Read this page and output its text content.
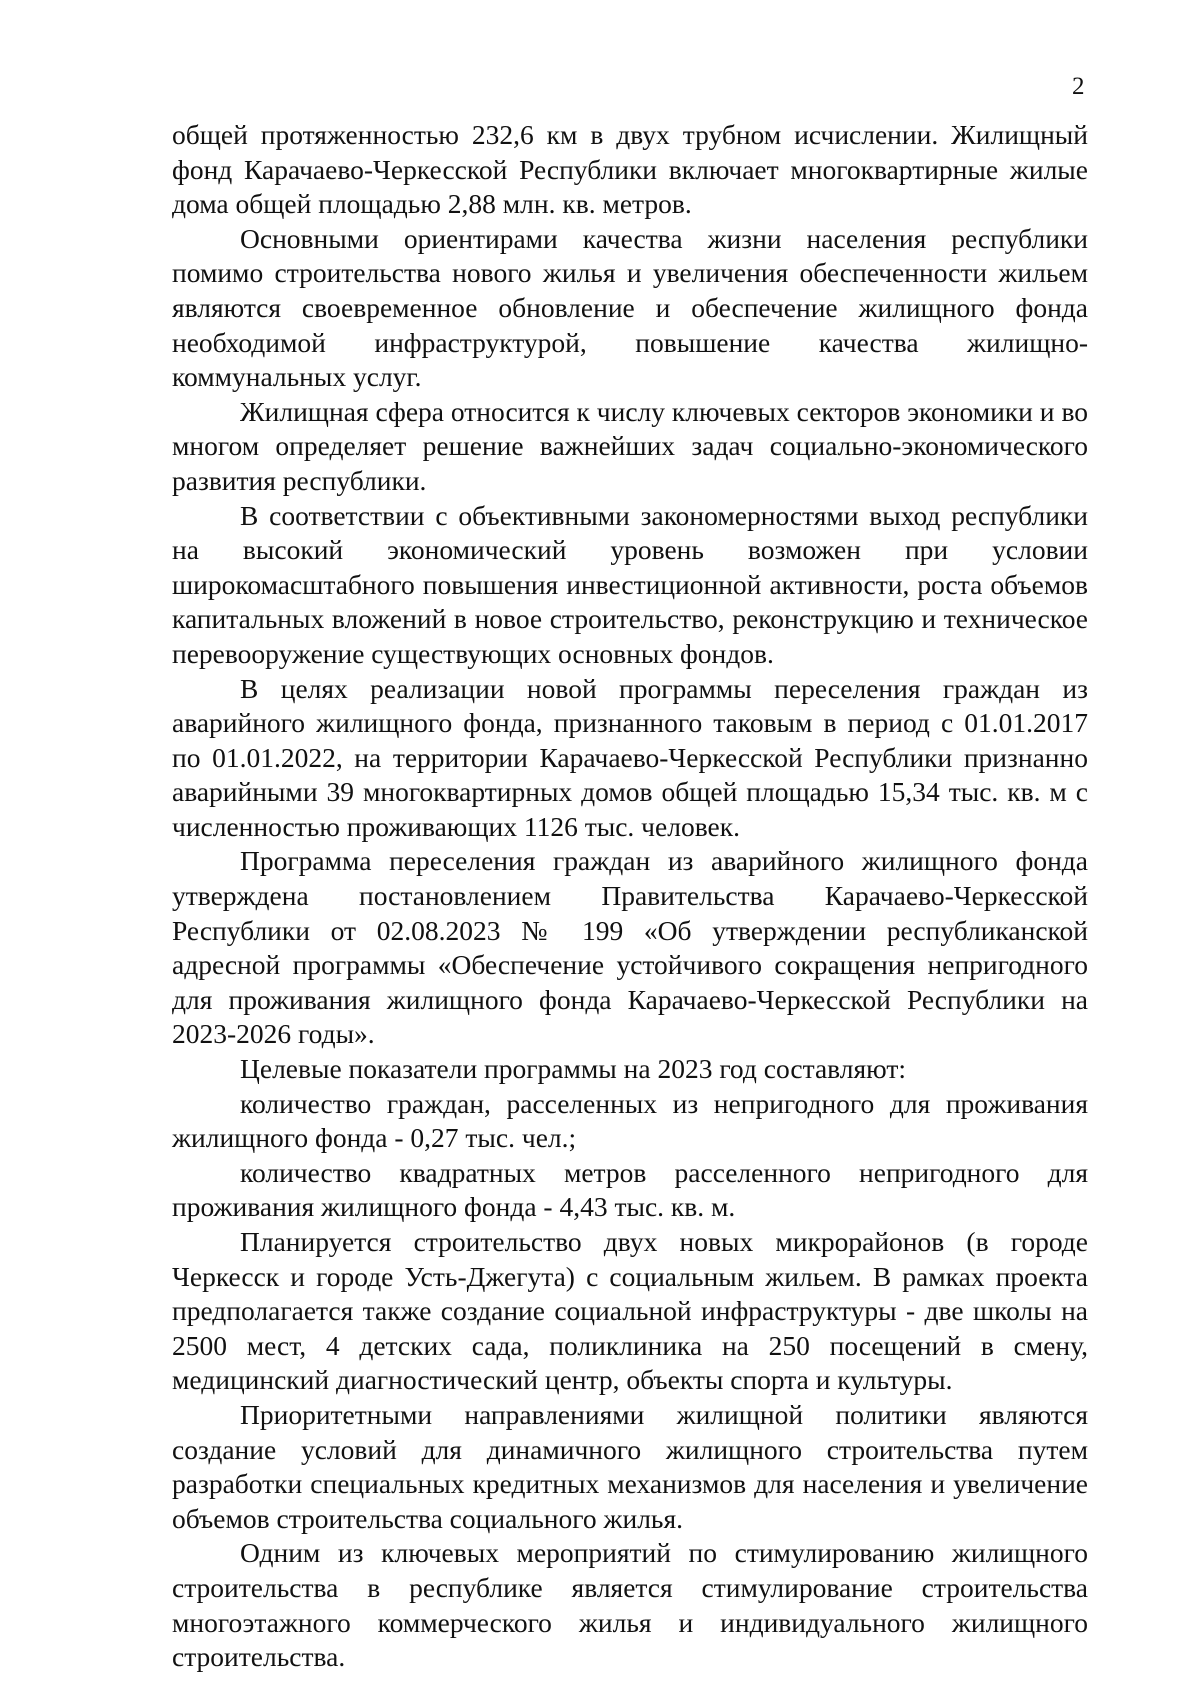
2

общей протяженностью 232,6 км в двух трубном исчислении. Жилищный фонд Карачаево-Черкесской Республики включает многоквартирные жилые дома общей площадью 2,88 млн. кв. метров.

Основными ориентирами качества жизни населения республики помимо строительства нового жилья и увеличения обеспеченности жильем являются своевременное обновление и обеспечение жилищного фонда необходимой инфраструктурой, повышение качества жилищно-коммунальных услуг.

Жилищная сфера относится к числу ключевых секторов экономики и во многом определяет решение важнейших задач социально-экономического развития республики.

В соответствии с объективными закономерностями выход республики на высокий экономический уровень возможен при условии широкомасштабного повышения инвестиционной активности, роста объемов капитальных вложений в новое строительство, реконструкцию и техническое перевооружение существующих основных фондов.

В целях реализации новой программы переселения граждан из аварийного жилищного фонда, признанного таковым в период с 01.01.2017 по 01.01.2022, на территории Карачаево-Черкесской Республики признанно аварийными 39 многоквартирных домов общей площадью 15,34 тыс. кв. м с численностью проживающих 1126 тыс. человек.

Программа переселения граждан из аварийного жилищного фонда утверждена постановлением Правительства Карачаево-Черкесской Республики от 02.08.2023 № 199 «Об утверждении республиканской адресной программы «Обеспечение устойчивого сокращения непригодного для проживания жилищного фонда Карачаево-Черкесской Республики на 2023-2026 годы».

Целевые показатели программы на 2023 год составляют:

количество граждан, расселенных из непригодного для проживания жилищного фонда - 0,27 тыс. чел.;

количество квадратных метров расселенного непригодного для проживания жилищного фонда - 4,43 тыс. кв. м.

Планируется строительство двух новых микрорайонов (в городе Черкесск и городе Усть-Джегута) с социальным жильем. В рамках проекта предполагается также создание социальной инфраструктуры - две школы на 2500 мест, 4 детских сада, поликлиника на 250 посещений в смену, медицинский диагностический центр, объекты спорта и культуры.

Приоритетными направлениями жилищной политики являются создание условий для динамичного жилищного строительства путем разработки специальных кредитных механизмов для населения и увеличение объемов строительства социального жилья.

Одним из ключевых мероприятий по стимулированию жилищного строительства в республике является стимулирование строительства многоэтажного коммерческого жилья и индивидуального жилищного строительства.
